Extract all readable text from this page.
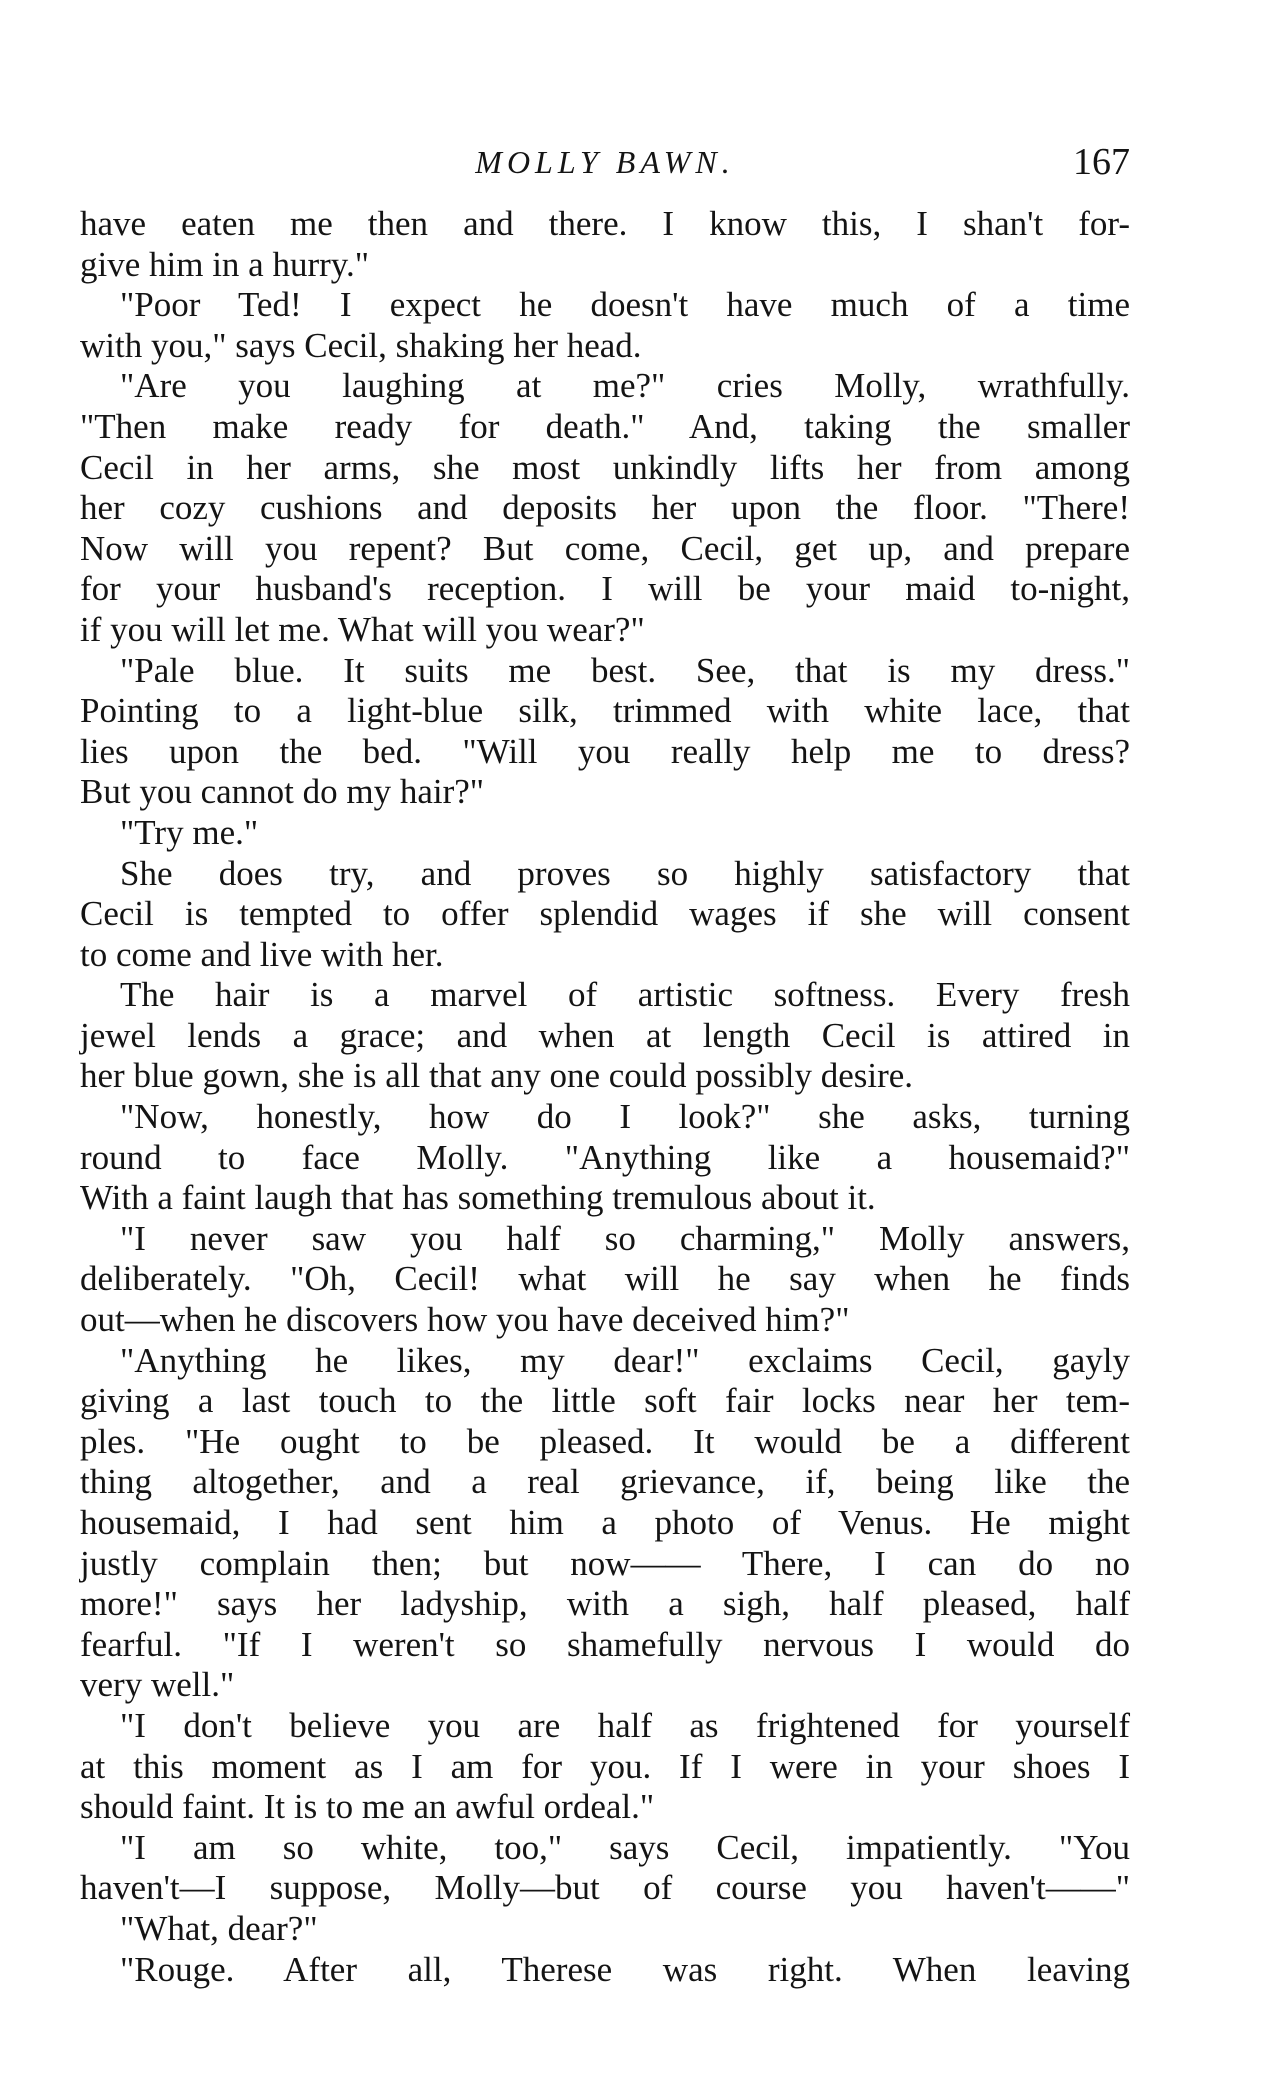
MOLLY BAWN.	167
have eaten me then and there. I know this, I shan't for-
give him in a hurry."
"Poor Ted! I expect he doesn't have much of a time
with you," says Cecil, shaking her head.
"Are you laughing at me?" cries Molly, wrathfully.
"Then make ready for death." And, taking the smaller
Cecil in her arms, she most unkindly lifts her from among
her cozy cushions and deposits her upon the floor. "There!
Now will you repent? But come, Cecil, get up, and prepare
for your husband's reception. I will be your maid to-night,
if you will let me. What will you wear?"
"Pale blue. It suits me best. See, that is my dress."
Pointing to a light-blue silk, trimmed with white lace, that
lies upon the bed. "Will you really help me to dress?
But you cannot do my hair?"
"Try me."
She does try, and proves so highly satisfactory that
Cecil is tempted to offer splendid wages if she will consent
to come and live with her.
The hair is a marvel of artistic softness. Every fresh
jewel lends a grace; and when at length Cecil is attired in
her blue gown, she is all that any one could possibly desire.
"Now, honestly, how do I look?" she asks, turning
round to face Molly. "Anything like a housemaid?"
With a faint laugh that has something tremulous about it.
"I never saw you half so charming," Molly answers,
deliberately. "Oh, Cecil! what will he say when he finds
out—when he discovers how you have deceived him?"
"Anything he likes, my dear!" exclaims Cecil, gayly
giving a last touch to the little soft fair locks near her tem-
ples. "He ought to be pleased. It would be a different
thing altogether, and a real grievance, if, being like the
housemaid, I had sent him a photo of Venus. He might
justly complain then; but now—— There, I can do no
more!" says her ladyship, with a sigh, half pleased, half
fearful. "If I weren't so shamefully nervous I would do
very well."
"I don't believe you are half as frightened for yourself
at this moment as I am for you. If I were in your shoes I
should faint. It is to me an awful ordeal."
"I am so white, too," says Cecil, impatiently. "You
haven't—I suppose, Molly—but of course you haven't——"
"What, dear?"
"Rouge. After all, Therese was right. When leaving
